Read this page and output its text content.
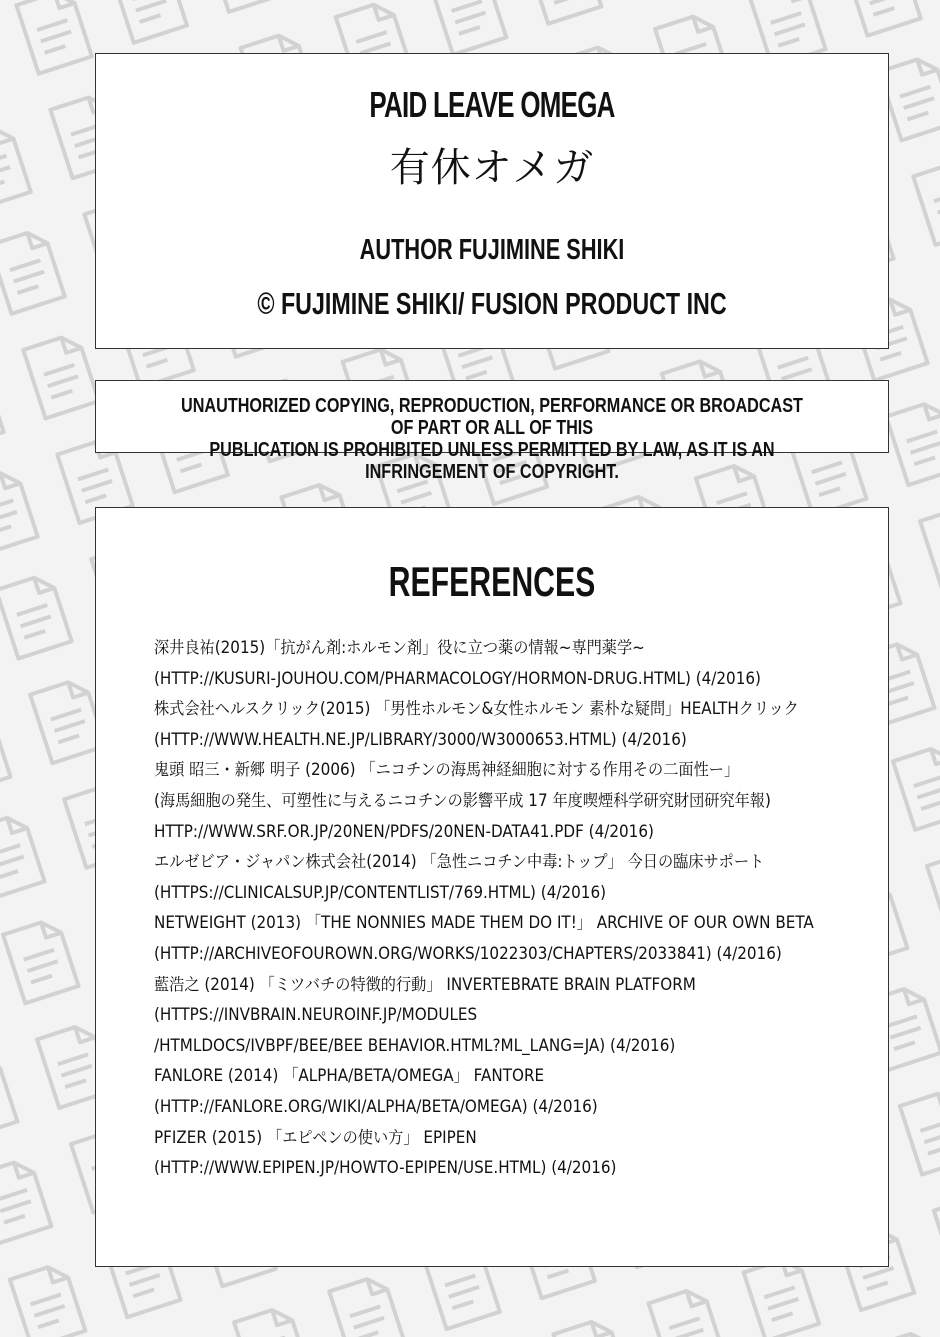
PAID LEAVE OMEGA
有休オメガ
AUTHOR FUJIMINE SHIKI
© FUJIMINE SHIKI/ FUSION PRODUCT INC
UNAUTHORIZED COPYING, REPRODUCTION, PERFORMANCE OR BROADCAST OF PART OR ALL OF THIS
PUBLICATION IS PROHIBITED UNLESS PERMITTED BY LAW, AS IT IS AN INFRINGEMENT OF COPYRIGHT.
REFERENCES
深井良祐(2015)「抗がん剤:ホルモン剤」役に立つ薬の情報~専門薬学~
(HTTP://KUSURI-JOUHOU.COM/PHARMACOLOGY/HORMON-DRUG.HTML) (4/2016)
株式会社ヘルスクリック(2015) 「男性ホルモン&女性ホルモン 素朴な疑問」HEALTHクリック
(HTTP://WWW.HEALTH.NE.JP/LIBRARY/3000/W3000653.HTML) (4/2016)
鬼頭 昭三・新郷 明子 (2006) 「ニコチンの海馬神経細胞に対する作用その二面性ー」
(海馬細胞の発生、可塑性に与えるニコチンの影響平成 17 年度喫煙科学研究財団研究年報)
HTTP://WWW.SRF.OR.JP/20NEN/PDFS/20NEN-DATA41.PDF (4/2016)
エルゼビア・ジャパン株式会社(2014) 「急性ニコチン中毒:トップ」 今日の臨床サポート
(HTTPS://CLINICALSUP.JP/CONTENTLIST/769.HTML) (4/2016)
NETWEIGHT (2013) 「THE NONNIES MADE THEM DO IT!」 ARCHIVE OF OUR OWN BETA
(HTTP://ARCHIVEOFOUROWN.ORG/WORKS/1022303/CHAPTERS/2033841) (4/2016)
藍浩之 (2014) 「ミツバチの特徴的行動」 INVERTEBRATE BRAIN PLATFORM
(HTTPS://INVBRAIN.NEUROINF.JP/MODULES
/HTMLDOCS/IVBPF/BEE/BEE BEHAVIOR.HTML?ML_LANG=JA) (4/2016)
FANLORE (2014) 「ALPHA/BETA/OMEGA」 FANTORE
(HTTP://FANLORE.ORG/WIKI/ALPHA/BETA/OMEGA) (4/2016)
PFIZER (2015) 「エピペンの使い方」 EPIPEN
(HTTP://WWW.EPIPEN.JP/HOWTO-EPIPEN/USE.HTML) (4/2016)
